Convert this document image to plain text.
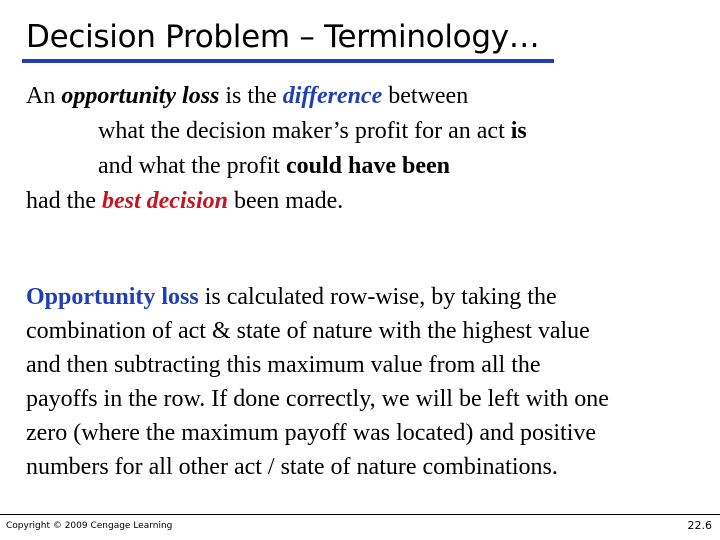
Decision Problem – Terminology…

An opportunity loss is the difference between
what the decision maker’s profit for an act is
and what the profit could have been
had the best decision been made.

Opportunity loss is calculated row-wise, by taking the
combination of act & state of nature with the highest value
and then subtracting this maximum value from all the
payoffs in the row. If done correctly, we will be left with one
zero (where the maximum payoff was located) and positive
numbers for all other act / state of nature combinations.

Copyright © 2009 Cengage Learning	22.6
